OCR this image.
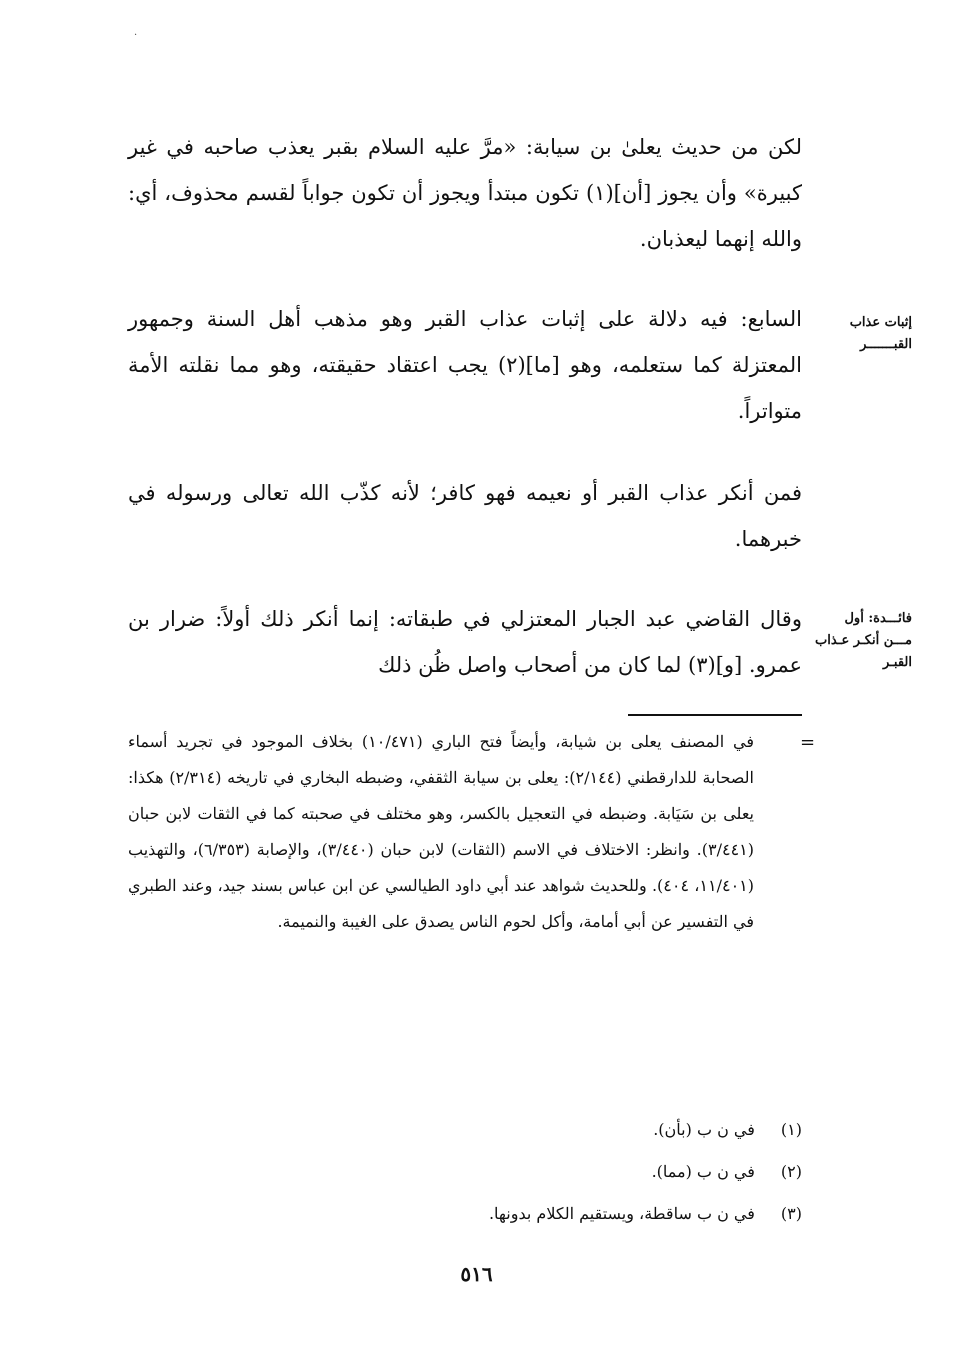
·
لكن من حديث يعلىٰ بن سيابة: «مرَّ عليه السلام بقبر يعذب صاحبه في غير كبيرة» وأن يجوز [أن](١) تكون مبتدأ ويجوز أن تكون جواباً لقسم محذوف، أي: والله إنهما ليعذبان.
السابع: فيه دلالة على إثبات عذاب القبر وهو مذهب أهل السنة وجمهور المعتزلة كما ستعلمه، وهو [ما](٢) يجب اعتقاد حقيقته، وهو مما نقلته الأمة متواتراً.
إثبات عذاب القبـــــــر
فمن أنكر عذاب القبر أو نعيمه فهو كافر؛ لأنه كذّب الله تعالى ورسوله في خبرهما.
وقال القاضي عبد الجبار المعتزلي في طبقاته: إنما أنكر ذلك أولاً: ضرار بن عمرو. [و](٣) لما كان من أصحاب واصل ظُن ذلك
فائـــدة: أول مـــن أنكـر عـذاب القبـر
=
في المصنف يعلى بن شيابة، وأيضاً فتح الباري (١٠/٤٧١) بخلاف الموجود في تجريد أسماء الصحابة للدارقطني (٢/١٤٤): يعلى بن سيابة الثقفي، وضبطه البخاري في تاريخه (٢/٣١٤) هكذا: يعلى بن سَيَابة. وضبطه في التعجيل بالكسر، وهو مختلف في صحبته كما في الثقات لابن حبان (٣/٤٤١). وانظر: الاختلاف في الاسم (الثقات) لابن حبان (٣/٤٤٠)، والإصابة (٦/٣٥٣)، والتهذيب (١١/٤٠١، ٤٠٤). وللحديث شواهد عند أبي داود الطيالسي عن ابن عباس بسند جيد، وعند الطبري في التفسير عن أبي أمامة، وأكل لحوم الناس يصدق على الغيبة والنميمة.
(١) في ن ب (بأن).
(٢) في ن ب (مما).
(٣) في ن ب ساقطة، ويستقيم الكلام بدونها.
٥١٦
